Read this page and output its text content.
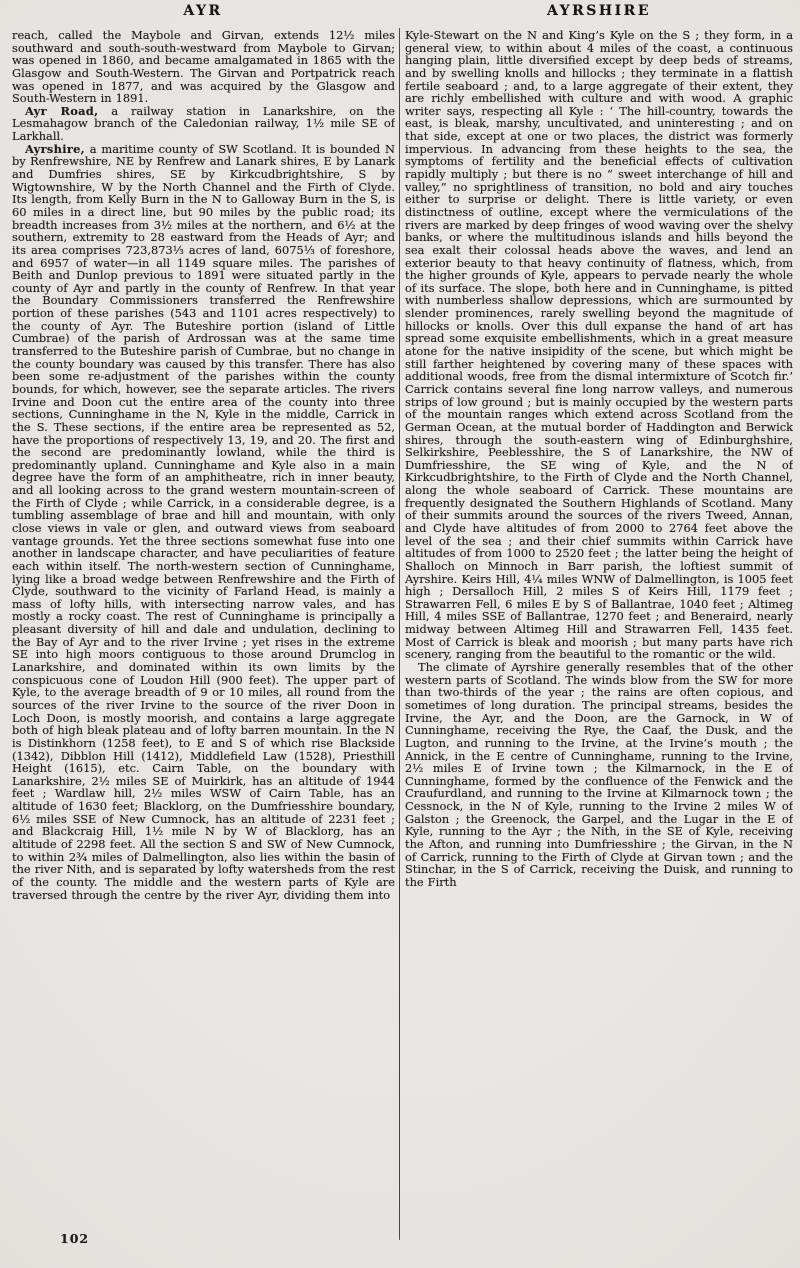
AYR	AYRSHIRE

reach, called the Maybole and Girvan, extends 12½ miles southward and south-south-westward from Maybole to Girvan; was opened in 1860, and became amalgamated in 1865 with the Glasgow and South-Western. The Girvan and Portpatrick reach was opened in 1877, and was acquired by the Glasgow and South-Western in 1891.

Ayr Road, a railway station in Lanarkshire, on the Lesmahagow branch of the Caledonian railway, 1½ mile SE of Larkhall.

Ayrshire, a maritime county of SW Scotland. It is bounded N by Renfrewshire, NE by Renfrew and Lanark shires, E by Lanark and Dumfries shires, SE by Kirkcudbrightshire, S by Wigtownshire, W by the North Channel and the Firth of Clyde. Its length, from Kelly Burn in the N to Galloway Burn in the S, is 60 miles in a direct line, but 90 miles by the public road; its breadth increases from 3½ miles at the northern, and 6½ at the southern, extremity to 28 eastward from the Heads of Ayr; and its area comprises 723,873⅓ acres of land, 6075⅓ of foreshore, and 6957 of water—in all 1149 square miles. The parishes of Beith and Dunlop previous to 1891 were situated partly in the county of Ayr and partly in the county of Renfrew. In that year the Boundary Commissioners transferred the Renfrewshire portion of these parishes (543 and 1101 acres respectively) to the county of Ayr. The Buteshire portion (island of Little Cumbrae) of the parish of Ardrossan was at the same time transferred to the Buteshire parish of Cumbrae, but no change in the county boundary was caused by this transfer. There has also been some re-adjustment of the parishes within the county bounds, for which, however, see the separate articles. The rivers Irvine and Doon cut the entire area of the county into three sections, Cunninghame in the N, Kyle in the middle, Carrick in the S. These sections, if the entire area be represented as 52, have the proportions of respectively 13, 19, and 20. The first and the second are predominantly lowland, while the third is predominantly upland. Cunninghame and Kyle also in a main degree have the form of an amphitheatre, rich in inner beauty, and all looking across to the grand western mountain-screen of the Firth of Clyde ; while Carrick, in a considerable degree, is a tumbling assemblage of brae and hill and mountain, with only close views in vale or glen, and outward views from seaboard vantage grounds. Yet the three sections somewhat fuse into one another in landscape character, and have peculiarities of feature each within itself. The north-western section of Cunninghame, lying like a broad wedge between Renfrewshire and the Firth of Clyde, southward to the vicinity of Farland Head, is mainly a mass of lofty hills, with intersecting narrow vales, and has mostly a rocky coast. The rest of Cunninghame is principally a pleasant diversity of hill and dale and undulation, declining to the Bay of Ayr and to the river Irvine ; yet rises in the extreme SE into high moors contiguous to those around Drumclog in Lanarkshire, and dominated within its own limits by the conspicuous cone of Loudon Hill (900 feet). The upper part of Kyle, to the average breadth of 9 or 10 miles, all round from the sources of the river Irvine to the source of the river Doon in Loch Doon, is mostly moorish, and contains a large aggregate both of high bleak plateau and of lofty barren mountain. In the N is Distinkhorn (1258 feet), to E and S of which rise Blackside (1342), Dibblon Hill (1412), Middlefield Law (1528), Priesthill Height (1615), etc. Cairn Table, on the boundary with Lanarkshire, 2½ miles SE of Muirkirk, has an altitude of 1944 feet ; Wardlaw hill, 2½ miles WSW of Cairn Table, has an altitude of 1630 feet; Blacklorg, on the Dumfriesshire boundary, 6½ miles SSE of New Cumnock, has an altitude of 2231 feet ; and Blackcraig Hill, 1½ mile N by W of Blacklorg, has an altitude of 2298 feet. All the section S and SW of New Cumnock, to within 2¾ miles of Dalmellington, also lies within the basin of the river Nith, and is separated by lofty watersheds from the rest of the county. The middle and the western parts of Kyle are traversed through the centre by the river Ayr, dividing them into

Kyle-Stewart on the N and King’s Kyle on the S ; they form, in a general view, to within about 4 miles of the coast, a continuous hanging plain, little diversified except by deep beds of streams, and by swelling knolls and hillocks ; they terminate in a flattish fertile seaboard ; and, to a large aggregate of their extent, they are richly embellished with culture and with wood. A graphic writer says, respecting all Kyle : ‘ The hill-country, towards the east, is bleak, marshy, uncultivated, and uninteresting ; and on that side, except at one or two places, the district was formerly impervious. In advancing from these heights to the sea, the symptoms of fertility and the beneficial effects of cultivation rapidly multiply ; but there is no “ sweet interchange of hill and valley,” no sprightliness of transition, no bold and airy touches either to surprise or delight. There is little variety, or even distinctness of outline, except where the vermiculations of the rivers are marked by deep fringes of wood waving over the shelvy banks, or where the multitudinous islands and hills beyond the sea exalt their colossal heads above the waves, and lend an exterior beauty to that heavy continuity of flatness, which, from the higher grounds of Kyle, appears to pervade nearly the whole of its surface. The slope, both here and in Cunninghame, is pitted with numberless shallow depressions, which are surmounted by slender prominences, rarely swelling beyond the magnitude of hillocks or knolls. Over this dull expanse the hand of art has spread some exquisite embellishments, which in a great measure atone for the native insipidity of the scene, but which might be still farther heightened by covering many of these spaces with additional woods, free from the dismal intermixture of Scotch fir.’ Carrick contains several fine long narrow valleys, and numerous strips of low ground ; but is mainly occupied by the western parts of the mountain ranges which extend across Scotland from the German Ocean, at the mutual border of Haddington and Berwick shires, through the south-eastern wing of Edinburghshire, Selkirkshire, Peeblesshire, the S of Lanarkshire, the NW of Dumfriesshire, the SE wing of Kyle, and the N of Kirkcudbrightshire, to the Firth of Clyde and the North Channel, along the whole seaboard of Carrick. These mountains are frequently designated the Southern Highlands of Scotland. Many of their summits around the sources of the rivers Tweed, Annan, and Clyde have altitudes of from 2000 to 2764 feet above the level of the sea ; and their chief summits within Carrick have altitudes of from 1000 to 2520 feet ; the latter being the height of Shalloch on Minnoch in Barr parish, the loftiest summit of Ayrshire. Keirs Hill, 4¼ miles WNW of Dalmellington, is 1005 feet high ; Dersalloch Hill, 2 miles S of Keirs Hill, 1179 feet ; Strawarren Fell, 6 miles E by S of Ballantrae, 1040 feet ; Altimeg Hill, 4 miles SSE of Ballantrae, 1270 feet ; and Beneraird, nearly midway between Altimeg Hill and Strawarren Fell, 1435 feet. Most of Carrick is bleak and moorish ; but many parts have rich scenery, ranging from the beautiful to the romantic or the wild.

The climate of Ayrshire generally resembles that of the other western parts of Scotland. The winds blow from the SW for more than two-thirds of the year ; the rains are often copious, and sometimes of long duration. The principal streams, besides the Irvine, the Ayr, and the Doon, are the Garnock, in W of Cunninghame, receiving the Rye, the Caaf, the Dusk, and the Lugton, and running to the Irvine, at the Irvine’s mouth ; the Annick, in the E centre of Cunninghame, running to the Irvine, 2½ miles E of Irvine town ; the Kilmarnock, in the E of Cunninghame, formed by the confluence of the Fenwick and the Craufurdland, and running to the Irvine at Kilmarnock town ; the Cessnock, in the N of Kyle, running to the Irvine 2 miles W of Galston ; the Greenock, the Garpel, and the Lugar in the E of Kyle, running to the Ayr ; the Nith, in the SE of Kyle, receiving the Afton, and running into Dumfriesshire ; the Girvan, in the N of Carrick, running to the Firth of Clyde at Girvan town ; and the Stinchar, in the S of Carrick, receiving the Duisk, and running to the Firth

102
